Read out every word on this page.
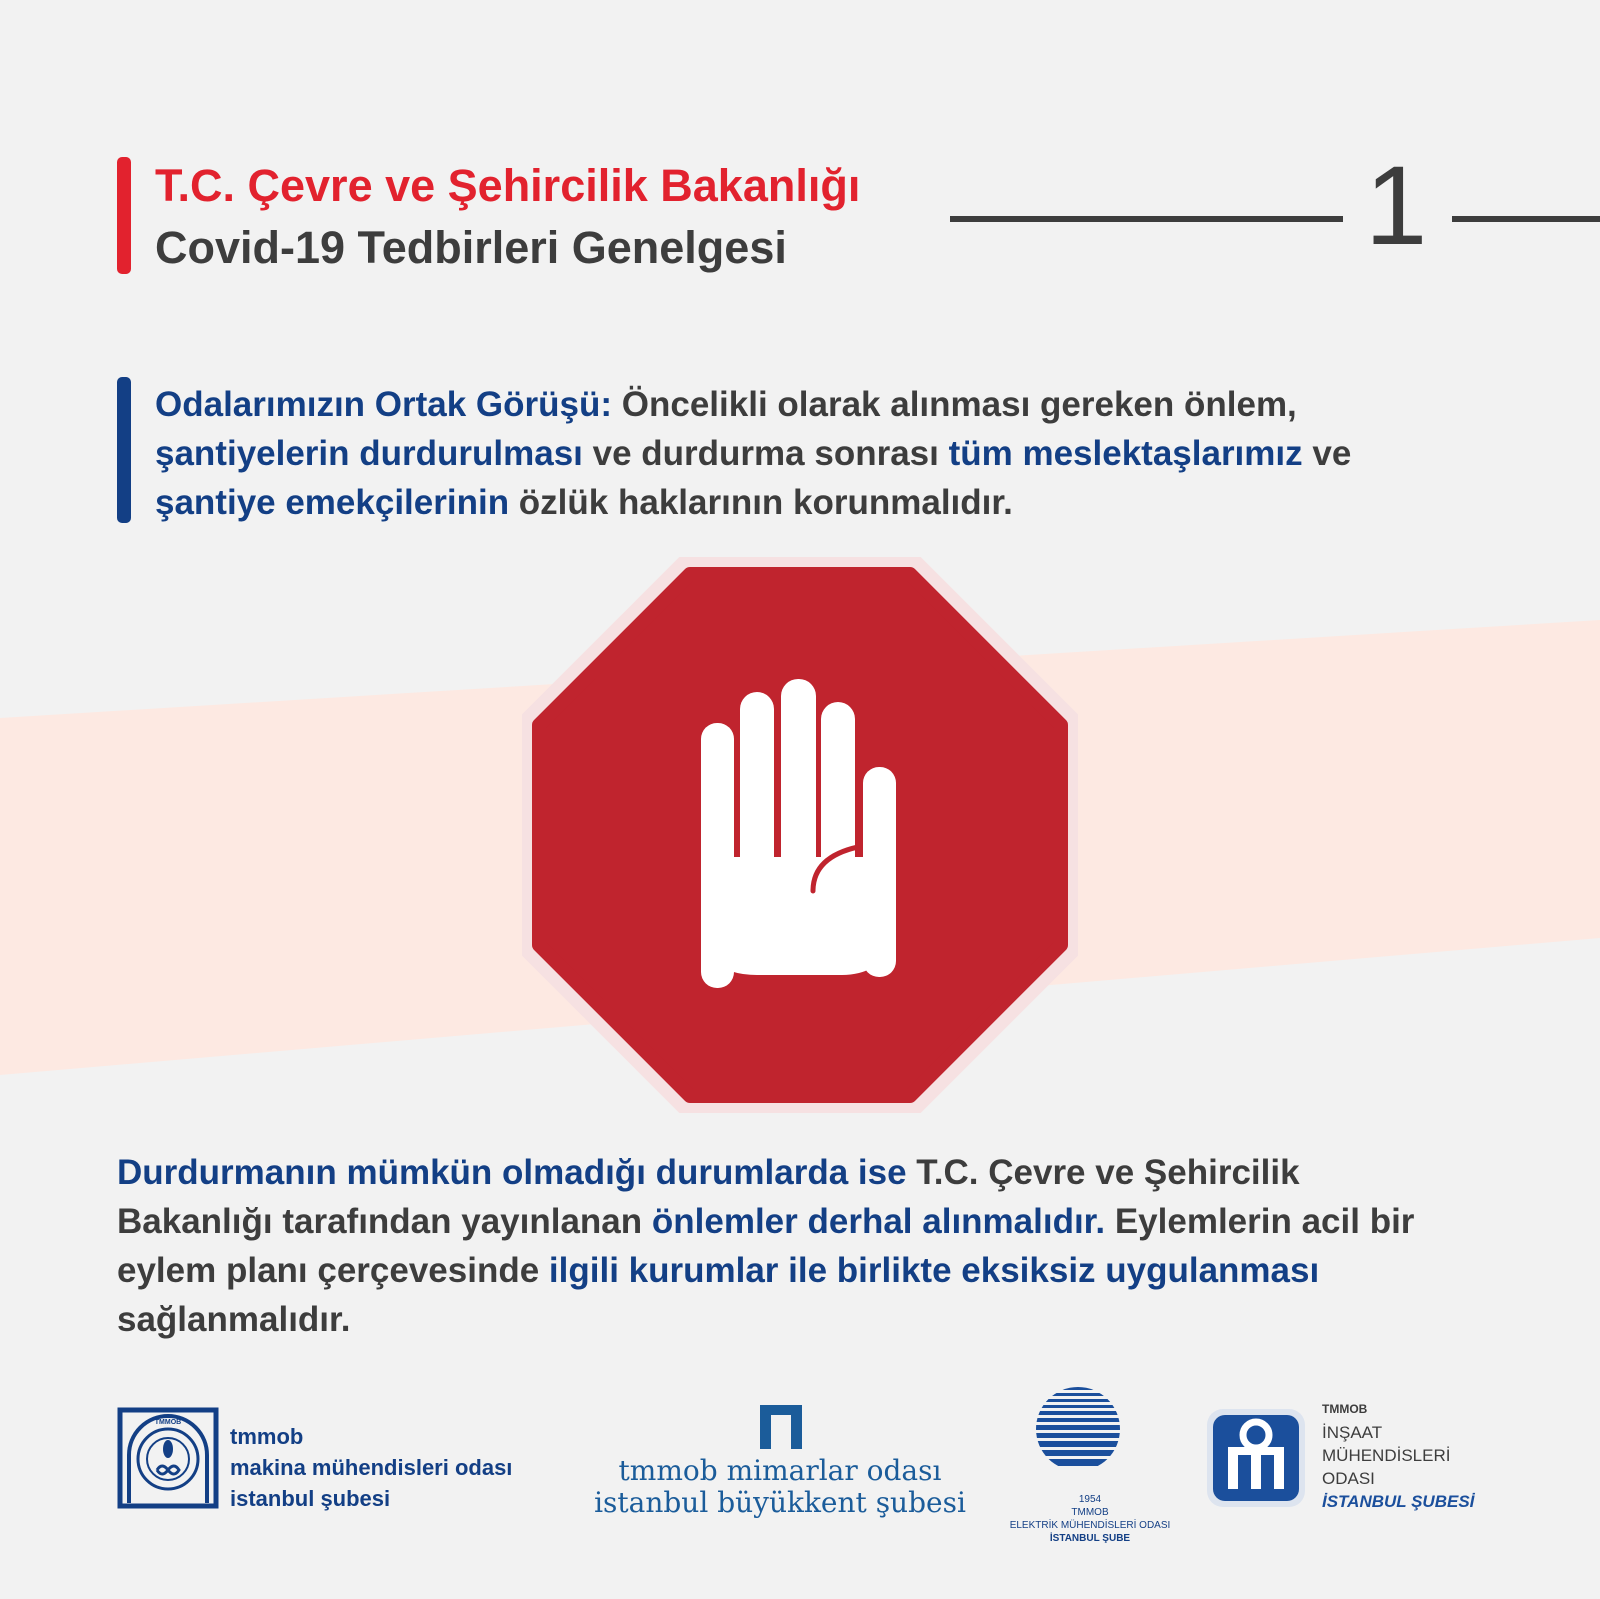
T.C. Çevre ve Şehircilik Bakanlığı
Covid-19 Tedbirleri Genelgesi	1
Odalarımızın Ortak Görüşü: Öncelikli olarak alınması gereken önlem, şantiyelerin durdurulması ve durdurma sonrası tüm meslektaşlarımız ve şantiye emekçilerinin özlük haklarının korunmalıdır.
Durdurmanın mümkün olmadığı durumlarda ise T.C. Çevre ve Şehircilik Bakanlığı tarafından yayınlanan önlemler derhal alınmalıdır. Eylemlerin acil bir eylem planı çerçevesinde ilgili kurumlar ile birlikte eksiksiz uygulanması sağlanmalıdır.
TMMOB
tmmob
makina mühendisleri odası
istanbul şubesi
tmmob mimarlar odası
istanbul büyükkent şubesi	1954
TMMOB
ELEKTRİK MÜHENDİSLERİ ODASI
İSTANBUL ŞUBE
TMMOB
İNŞAAT
MÜHENDİSLERİ
ODASI
İSTANBUL ŞUBESİ
